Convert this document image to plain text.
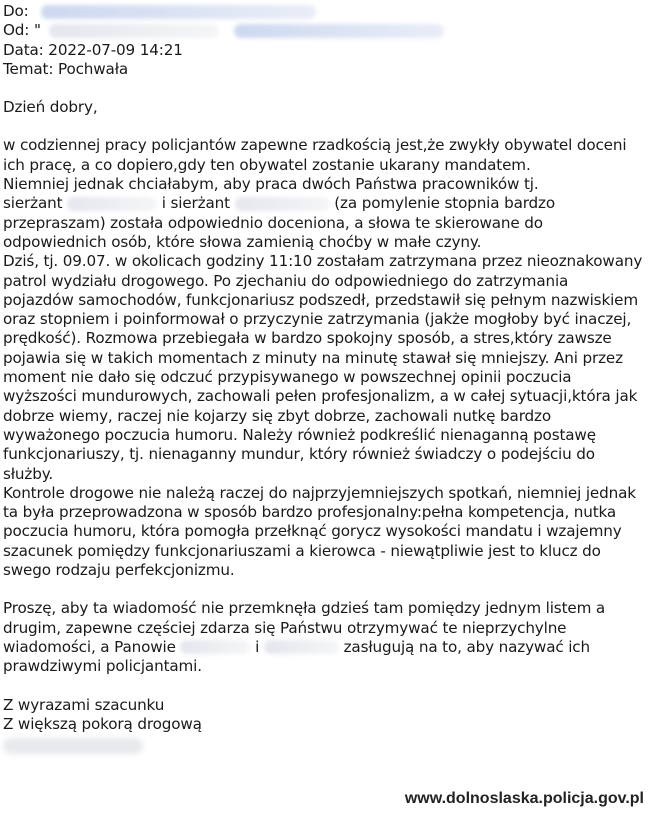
Do:
Od: "
Data: 2022-07-09 14:21
Temat: Pochwała
Dzień dobry,
w codziennej pracy policjantów zapewne rzadkością jest,że zwykły obywatel doceni ich pracę, a co dopiero,gdy ten obywatel zostanie ukarany mandatem.
Niemniej jednak chciałabym, aby praca dwóch Państwa pracowników tj.
sierżant	i sierżant	(za pomylenie stopnia bardzo
przepraszam) została odpowiednio doceniona, a słowa te skierowane do odpowiednich osób, które słowa zamienią choćby w małe czyny.
Dziś, tj. 09.07. w okolicach godziny 11:10 zostałam zatrzymana przez nieoznakowany patrol wydziału drogowego. Po zjechaniu do odpowiedniego do zatrzymania pojazdów samochodów, funkcjonariusz podszedł, przedstawił się pełnym nazwiskiem oraz stopniem i poinformował o przyczynie zatrzymania (jakże mogłoby być inaczej, prędkość). Rozmowa przebiegała w bardzo spokojny sposób, a stres,który zawsze pojawia się w takich momentach z minuty na minutę stawał się mniejszy. Ani przez moment nie dało się odczuć przypisywanego w powszechnej opinii poczucia wyższości mundurowych, zachowali pełen profesjonalizm, a w całej sytuacji,która jak dobrze wiemy, raczej nie kojarzy się zbyt dobrze, zachowali nutkę bardzo wyważonego poczucia humoru. Należy również podkreślić nienaganną postawę funkcjonariuszy, tj. nienaganny mundur, który również świadczy o podejściu do służby.
Kontrole drogowe nie należą raczej do najprzyjemniejszych spotkań, niemniej jednak ta była przeprowadzona w sposób bardzo profesjonalny:pełna kompetencja, nutka poczucia humoru, która pomogła przełknąć gorycz wysokości mandatu i wzajemny szacunek pomiędzy funkcjonariuszami a kierowca - niewątpliwie jest to klucz do swego rodzaju perfekcjonizmu.
Proszę, aby ta wiadomość nie przemknęła gdzieś tam pomiędzy jednym listem a drugim, zapewne częściej zdarza się Państwu otrzymywać te nieprzychylne wiadomości, a Panowie	i	zasługują na to, aby nazywać ich prawdziwymi policjantami.
Z wyrazami szacunku
Z większą pokorą drogową
www.dolnoslaska.policja.gov.pl
